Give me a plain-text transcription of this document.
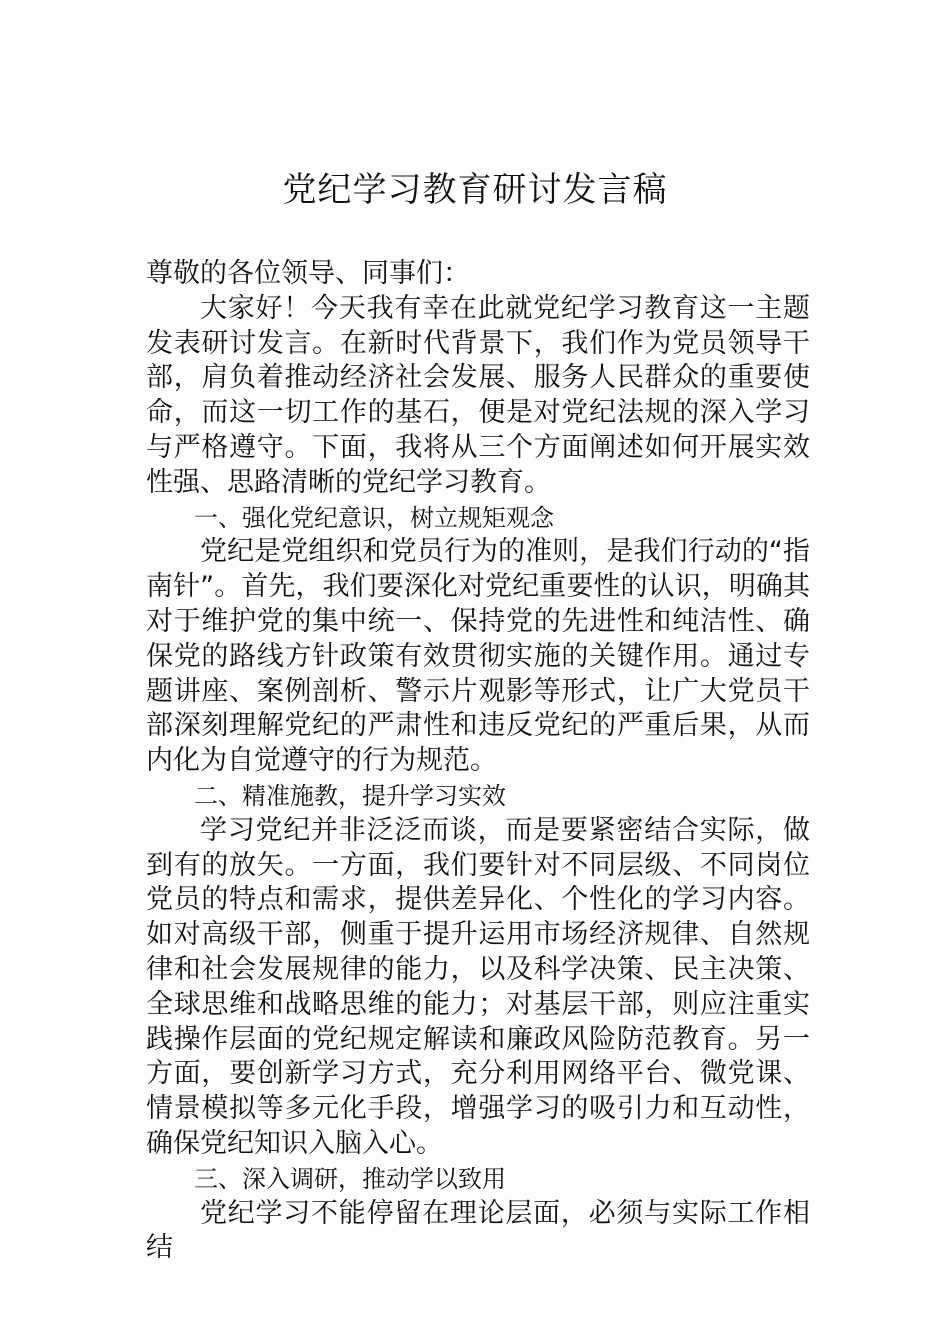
党纪学习教育研讨发言稿

尊敬的各位领导、同事们：

大家好！今天我有幸在此就党纪学习教育这一主题发表研讨发言。在新时代背景下，我们作为党员领导干部，肩负着推动经济社会发展、服务人民群众的重要使命，而这一切工作的基石，便是对党纪法规的深入学习与严格遵守。下面，我将从三个方面阐述如何开展实效性强、思路清晰的党纪学习教育。

一、强化党纪意识，树立规矩观念

党纪是党组织和党员行为的准则，是我们行动的“指南针”。首先，我们要深化对党纪重要性的认识，明确其对于维护党的集中统一、保持党的先进性和纯洁性、确保党的路线方针政策有效贯彻实施的关键作用。通过专题讲座、案例剖析、警示片观影等形式，让广大党员干部深刻理解党纪的严肃性和违反党纪的严重后果，从而内化为自觉遵守的行为规范。

二、精准施教，提升学习实效

学习党纪并非泛泛而谈，而是要紧密结合实际，做到有的放矢。一方面，我们要针对不同层级、不同岗位党员的特点和需求，提供差异化、个性化的学习内容。如对高级干部，侧重于提升运用市场经济规律、自然规律和社会发展规律的能力，以及科学决策、民主决策、全球思维和战略思维的能力；对基层干部，则应注重实践操作层面的党纪规定解读和廉政风险防范教育。另一方面，要创新学习方式，充分利用网络平台、微党课、情景模拟等多元化手段，增强学习的吸引力和互动性，确保党纪知识入脑入心。

三、深入调研，推动学以致用

党纪学习不能停留在理论层面，必须与实际工作相结
